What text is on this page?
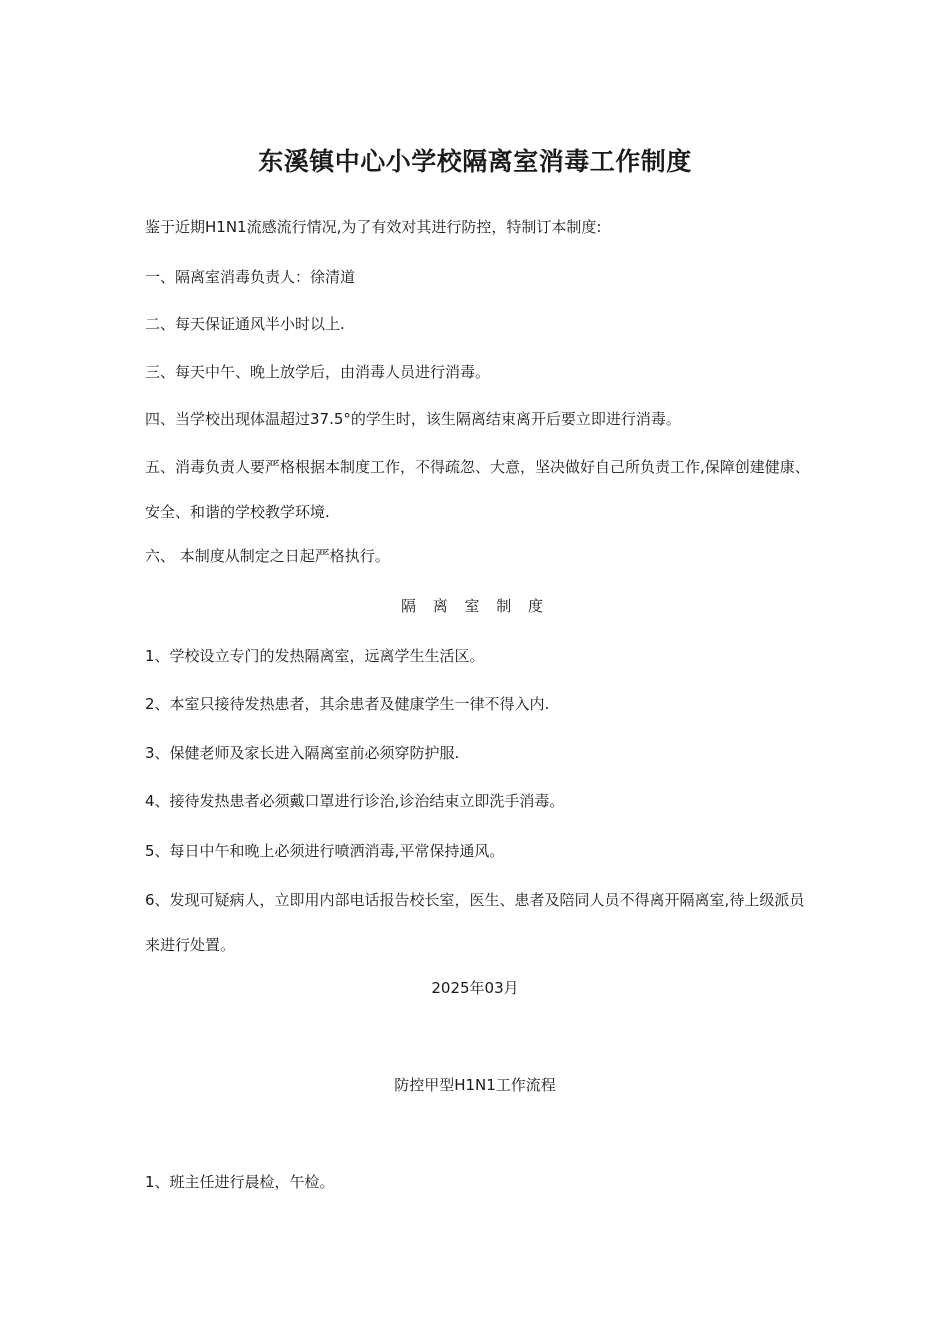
东溪镇中心小学校隔离室消毒工作制度

鉴于近期H1N1流感流行情况,为了有效对其进行防控，特制订本制度:

一、隔离室消毒负责人：徐清道

二、每天保证通风半小时以上.

三、每天中午、晚上放学后，由消毒人员进行消毒。

四、当学校出现体温超过37.5°的学生时，该生隔离结束离开后要立即进行消毒。

五、消毒负责人要严格根据本制度工作，不得疏忽、大意，坚决做好自己所负责工作,保障创建健康、安全、和谐的学校教学环境.

六、 本制度从制定之日起严格执行。

隔 离 室 制 度

1、学校设立专门的发热隔离室，远离学生生活区。

2、本室只接待发热患者，其余患者及健康学生一律不得入内.

3、保健老师及家长进入隔离室前必须穿防护服.

4、接待发热患者必须戴口罩进行诊治,诊治结束立即洗手消毒。

5、每日中午和晚上必须进行喷洒消毒,平常保持通风。

6、发现可疑病人，立即用内部电话报告校长室，医生、患者及陪同人员不得离开隔离室,待上级派员来进行处置。

2025年03月

防控甲型H1N1工作流程

1、班主任进行晨检，午检。
